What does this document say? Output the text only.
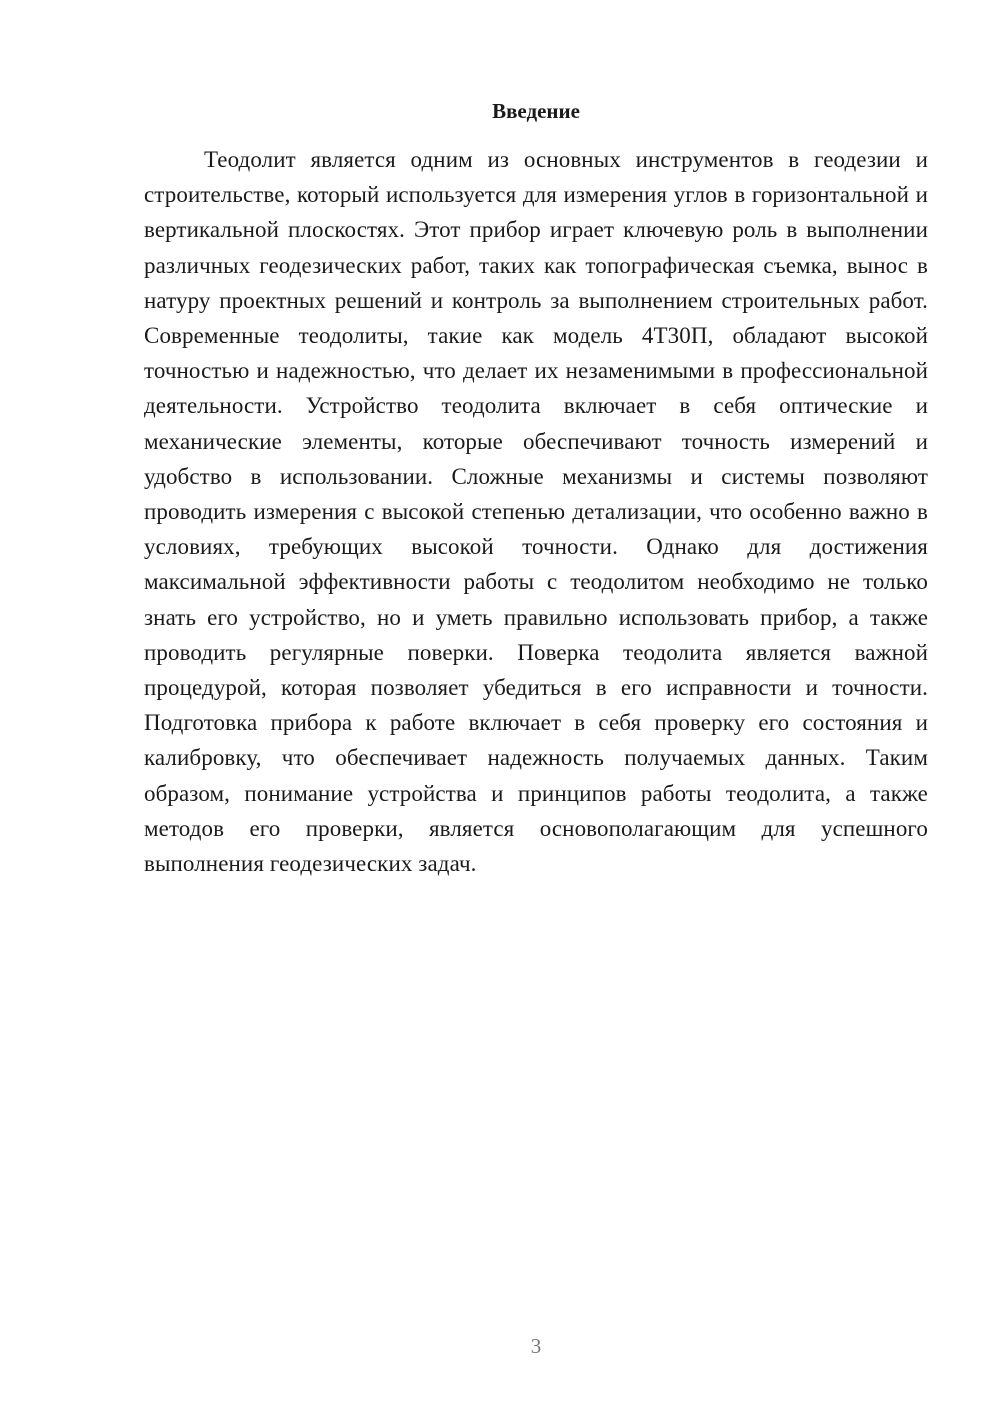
Введение

Теодолит является одним из основных инструментов в геодезии и строительстве, который используется для измерения углов в горизонтальной и вертикальной плоскостях. Этот прибор играет ключевую роль в выполнении различных геодезических работ, таких как топографическая съемка, вынос в натуру проектных решений и контроль за выполнением строительных работ. Современные теодолиты, такие как модель 4Т30П, обладают высокой точностью и надежностью, что делает их незаменимыми в профессиональной деятельности. Устройство теодолита включает в себя оптические и механические элементы, которые обеспечивают точность измерений и удобство в использовании. Сложные механизмы и системы позволяют проводить измерения с высокой степенью детализации, что особенно важно в условиях, требующих высокой точности. Однако для достижения максимальной эффективности работы с теодолитом необходимо не только знать его устройство, но и уметь правильно использовать прибор, а также проводить регулярные поверки. Поверка теодолита является важной процедурой, которая позволяет убедиться в его исправности и точности. Подготовка прибора к работе включает в себя проверку его состояния и калибровку, что обеспечивает надежность получаемых данных. Таким образом, понимание устройства и принципов работы теодолита, а также методов его проверки, является основополагающим для успешного выполнения геодезических задач.

3
